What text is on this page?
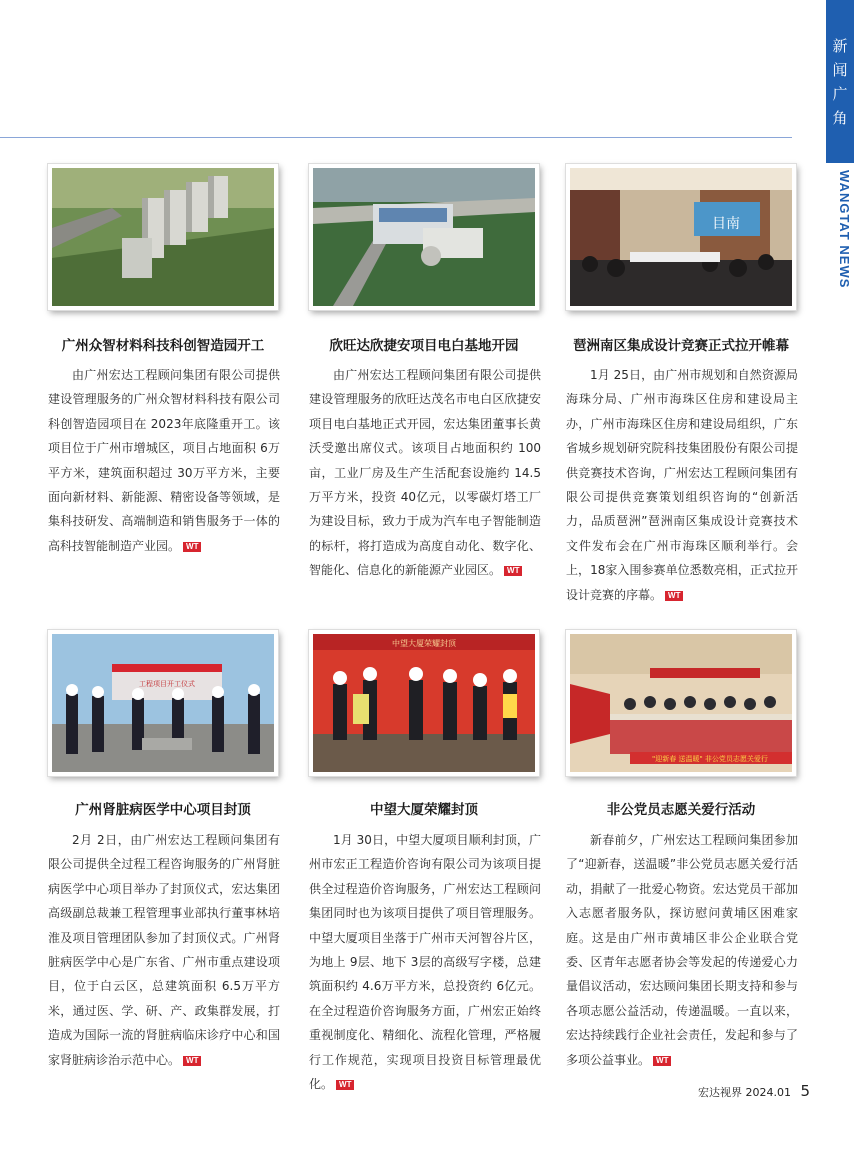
新
闻
广
角
WANGTAT NEWS
广州众智材料科技科创智造园开工
由广州宏达工程顾问集团有限公司提供建设管理服务的广州众智材料科技有限公司科创智造园项目在 2023年底隆重开工。该项目位于广州市增城区，项目占地面积 6万平方米，建筑面积超过 30万平方米，主要面向新材料、新能源、精密设备等领域，是集科技研发、高端制造和销售服务于一体的高科技智能制造产业园。 WT
欣旺达欣捷安项目电白基地开园
由广州宏达工程顾问集团有限公司提供建设管理服务的欣旺达茂名市电白区欣捷安项目电白基地正式开园，宏达集团董事长黄沃受邀出席仪式。该项目占地面积约 100亩，工业厂房及生产生活配套设施约 14.5万平方米，投资 40亿元，以零碳灯塔工厂为建设目标，致力于成为汽车电子智能制造的标杆，将打造成为高度自动化、数字化、智能化、信息化的新能源产业园区。 WT
目南
琶洲南区集成设计竞赛正式拉开帷幕
1月 25日，由广州市规划和自然资源局海珠分局、广州市海珠区住房和建设局主办，广州市海珠区住房和建设局组织，广东省城乡规划研究院科技集团股份有限公司提供竞赛技术咨询，广州宏达工程顾问集团有限公司提供竞赛策划组织咨询的“创新活力，品质琶洲”琶洲南区集成设计竞赛技术文件发布会在广州市海珠区顺利举行。会上，18家入围参赛单位悉数亮相，正式拉开设计竞赛的序幕。 WT
工程项目开工仪式
广州肾脏病医学中心项目封顶
2月 2日，由广州宏达工程顾问集团有限公司提供全过程工程咨询服务的广州肾脏病医学中心项目举办了封顶仪式，宏达集团高级副总裁兼工程管理事业部执行董事林培淮及项目管理团队参加了封顶仪式。广州肾脏病医学中心是广东省、广州市重点建设项目，位于白云区，总建筑面积 6.5万平方米，通过医、学、研、产、政集群发展，打造成为国际一流的肾脏病临床诊疗中心和国家肾脏病诊治示范中心。 WT
中望大厦荣耀封顶
中望大厦荣耀封顶
1月 30日，中望大厦项目顺利封顶，广州市宏正工程造价咨询有限公司为该项目提供全过程造价咨询服务，广州宏达工程顾问集团同时也为该项目提供了项目管理服务。中望大厦项目坐落于广州市天河智谷片区，为地上 9层、地下 3层的高级写字楼，总建筑面积约 4.6万平方米，总投资约 6亿元。在全过程造价咨询服务方面，广州宏正始终重视制度化、精细化、流程化管理，严格履行工作规范，实现项目投资目标管理最优化。 WT
"迎新春 送温暖" 非公党员志愿关爱行
非公党员志愿关爱行活动
新春前夕，广州宏达工程顾问集团参加了“迎新春，送温暖”非公党员志愿关爱行活动，捐献了一批爱心物资。宏达党员干部加入志愿者服务队，探访慰问黄埔区困难家庭。这是由广州市黄埔区非公企业联合党委、区青年志愿者协会等发起的传递爱心力量倡议活动，宏达顾问集团长期支持和参与各项志愿公益活动，传递温暖。一直以来，宏达持续践行企业社会责任，发起和参与了多项公益事业。 WT
宏达视界 2024.01 5
